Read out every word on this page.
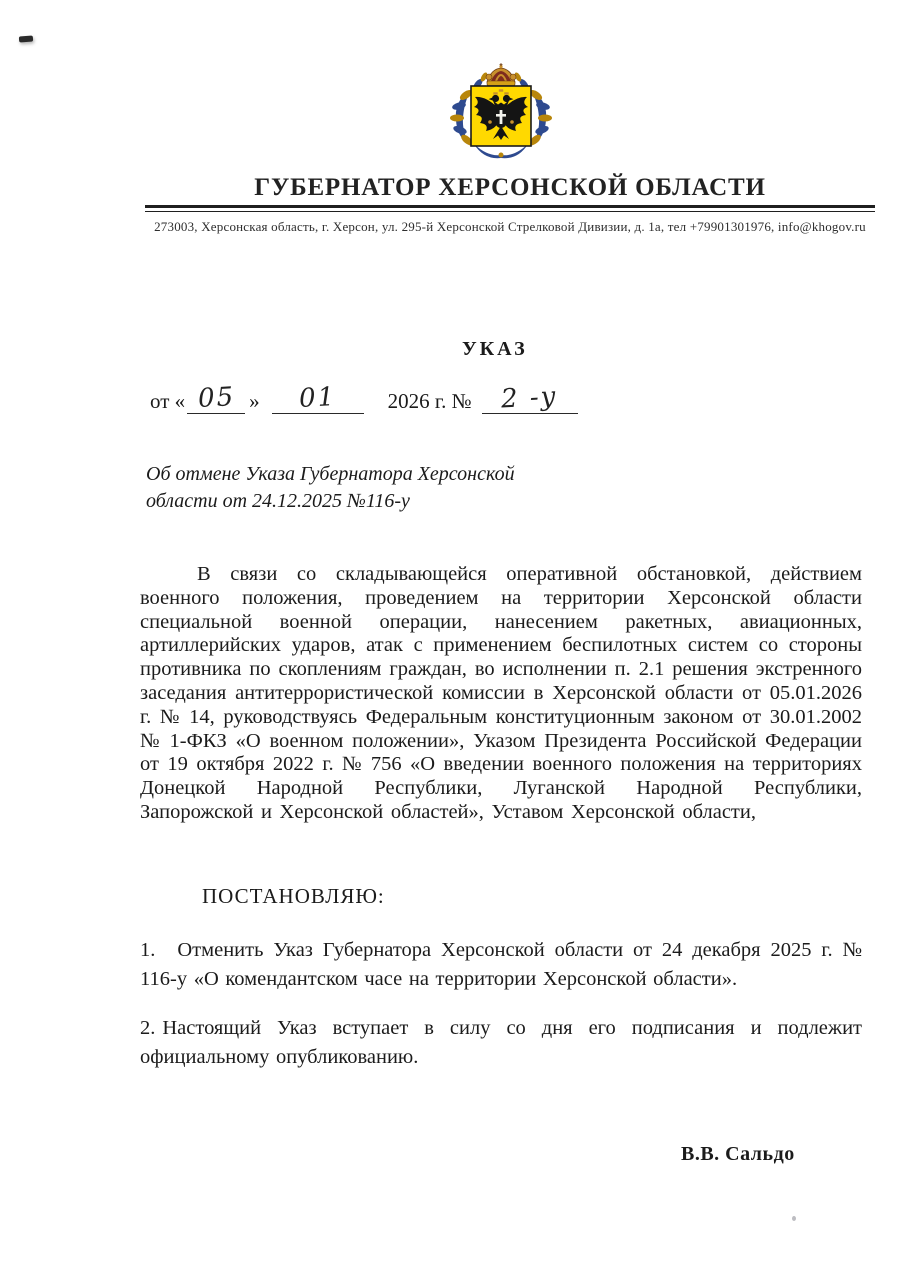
ГУБЕРНАТОР ХЕРСОНСКОЙ ОБЛАСТИ
273003, Херсонская область, г. Херсон, ул. 295-й Херсонской Стрелковой Дивизии, д. 1а, тел +79901301976, info@khogov.ru
УКАЗ
от « 05 »	01	2026 г. №	2 -у
Об отмене Указа Губернатора Херсонской
области от 24.12.2025 №116-у

В связи со складывающейся оперативной обстановкой, действием военного положения, проведением на территории Херсонской области специальной военной операции, нанесением ракетных, авиационных, артиллерийских ударов, атак с применением беспилотных систем со стороны противника по скоплениям граждан, во исполнении п. 2.1 решения экстренного заседания антитеррористической комиссии в Херсонской области от 05.01.2026 г. № 14, руководствуясь Федеральным конституционным законом от 30.01.2002 № 1-ФКЗ «О военном положении», Указом Президента Российской Федерации от 19 октября 2022 г. № 756 «О введении военного положения на территориях Донецкой Народной Республики, Луганской Народной Республики, Запорожской и Херсонской областей», Уставом Херсонской области,

ПОСТАНОВЛЯЮ:

1. Отменить Указ Губернатора Херсонской области от 24 декабря 2025 г. № 116-у «О комендантском часе на территории Херсонской области».

2. Настоящий Указ вступает в силу со дня его подписания и подлежит официальному опубликованию.

В.В. Сальдо
